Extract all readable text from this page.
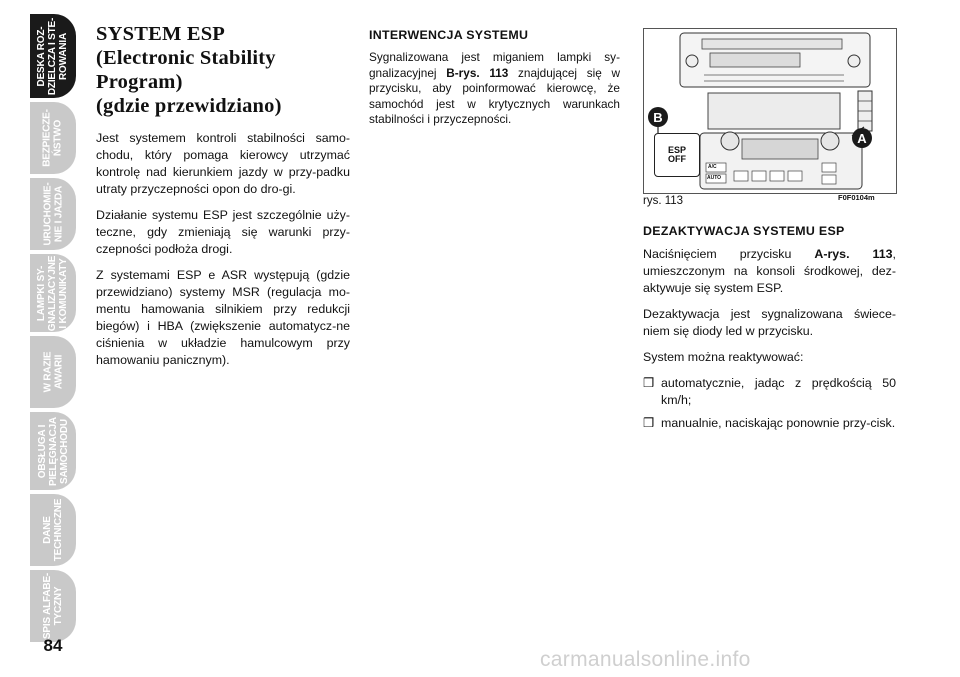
DESKA ROZ-
DZIELCZA I STE-
ROWANIA
BEZPIECZE-
ŃSTWO
URUCHOMIE-
NIE I JAZDA
LAMPKI SY-
GNALIZACYJNE
I KOMUNIKATY
W RAZIE
AWARII
OBSŁUGA I
PIELĘGNACJA
SAMOCHODU
DANE
TECHNICZNE
SPIS ALFABE-
TYCZNY
84
SYSTEM ESP
(Electronic Stability
Program)
(gdzie przewidziano)

Jest systemem kontroli stabilności samo-chodu, który pomaga kierowcy utrzymać kontrolę nad kierunkiem jazdy w przy-padku utraty przyczepności opon do dro-gi.

Działanie systemu ESP jest szczególnie uży-teczne, gdy zmieniają się warunki przy-czepności podłoża drogi.

Z systemami ESP e ASR występują (gdzie przewidziano) systemy MSR (regulacja mo-mentu hamowania silnikiem przy redukcji biegów) i HBA (zwiększenie automatycz-ne ciśnienia w układzie hamulcowym przy hamowaniu panicznym).

INTERWENCJA SYSTEMU

Sygnalizowana jest miganiem lampki sy-gnalizacyjnej B-rys. 113 znajdującej się w przycisku, aby poinformować kierowcę, że samochód jest w krytycznych warunkach stabilności i przyczepności.	B
A
ESP
OFF
A/C
AUTO
rys. 113	F0F0104m
DEZAKTYWACJA SYSTEMU ESP

Naciśnięciem przycisku A-rys. 113, umieszczonym na konsoli środkowej, dez-aktywuje się system ESP.

Dezaktywacja jest sygnalizowana świece-niem się diody led w przycisku.

System można reaktywować:

❒ automatycznie, jadąc z prędkością 50 km/h;
❒ manualnie, naciskając ponownie przy-cisk.
carmanualsonline.info
